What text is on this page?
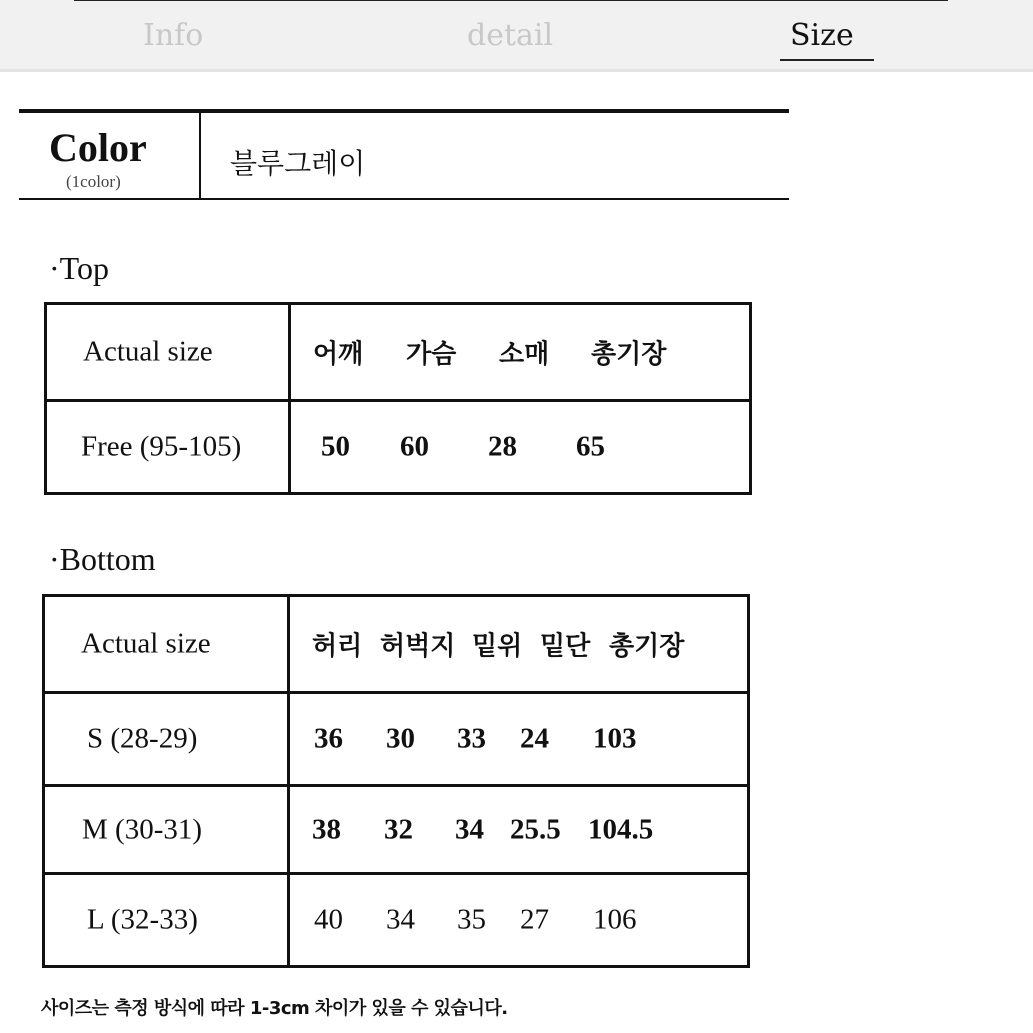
Info	detail	Size
Color
(1color)
블루그레이
·Top
Actual size	어깨 가슴 소매 총기장

Free (95-105)	50 60 28 65
·Bottom
Actual size	허리 허벅지 밑위 밑단 총기장

S (28-29)	36 30 33 24 103

M (30-31)	38 32 34 25.5 104.5

L (32-33)	40 34 35 27 106
사이즈는 측정 방식에 따라 1-3cm 차이가 있을 수 있습니다.
